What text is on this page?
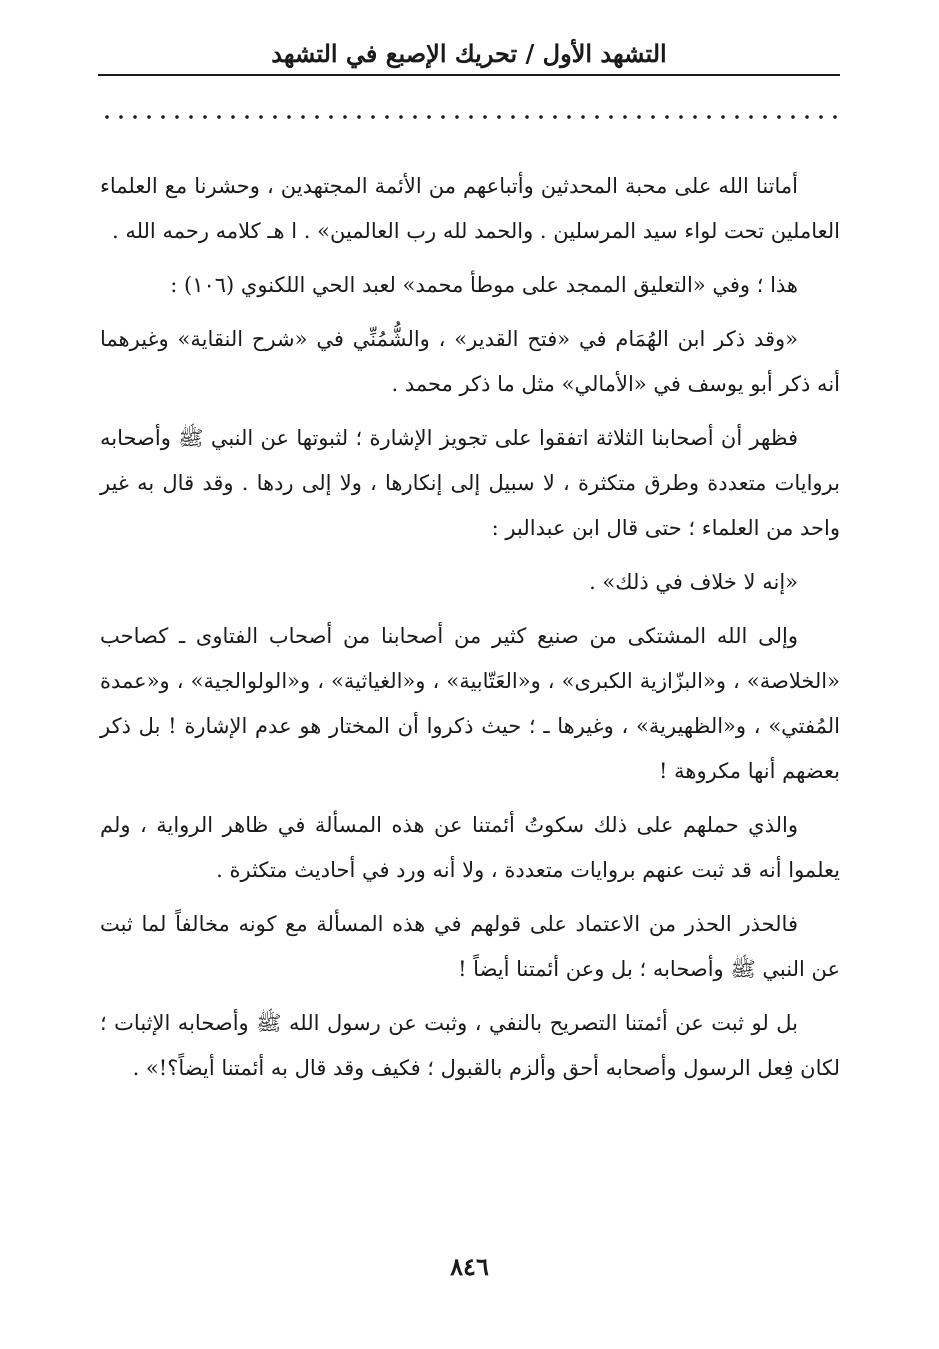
التشهد الأول / تحريك الإصبع في التشهد

أماتنا الله على محبة المحدثين وأتباعهم من الأئمة المجتهدين ، وحشرنا مع العلماء العاملين تحت لواء سيد المرسلين . والحمد لله رب العالمين» . ا هـ كلامه رحمه الله .

هذا ؛ وفي «التعليق الممجد على موطأ محمد» لعبد الحي اللكنوي (١٠٦) :

«وقد ذكر ابن الهُمَام في «فتح القدير» ، والشُّمُنِّي في «شرح النقاية» وغيرهما أنه ذكر أبو يوسف في «الأمالي» مثل ما ذكر محمد .

فظهر أن أصحابنا الثلاثة اتفقوا على تجويز الإشارة ؛ لثبوتها عن النبي ﷺ وأصحابه بروايات متعددة وطرق متكثرة ، لا سبيل إلى إنكارها ، ولا إلى ردها . وقد قال به غير واحد من العلماء ؛ حتى قال ابن عبدالبر :

«إنه لا خلاف في ذلك» .

وإلى الله المشتكى من صنيع كثير من أصحابنا من أصحاب الفتاوى ـ كصاحب «الخلاصة» ، و«البزّازية الكبرى» ، و«العَتّابية» ، و«الغياثية» ، و«الولوالجية» ، و«عمدة المُفتي» ، و«الظهيرية» ، وغيرها ـ ؛ حيث ذكروا أن المختار هو عدم الإشارة ! بل ذكر بعضهم أنها مكروهة !

والذي حملهم على ذلك سكوتُ أئمتنا عن هذه المسألة في ظاهر الرواية ، ولم يعلموا أنه قد ثبت عنهم بروايات متعددة ، ولا أنه ورد في أحاديث متكثرة .

فالحذر الحذر من الاعتماد على قولهم في هذه المسألة مع كونه مخالفاً لما ثبت عن النبي ﷺ وأصحابه ؛ بل وعن أئمتنا أيضاً !

بل لو ثبت عن أئمتنا التصريح بالنفي ، وثبت عن رسول الله ﷺ وأصحابه الإثبات ؛ لكان فِعل الرسول وأصحابه أحق وألزم بالقبول ؛ فكيف وقد قال به أئمتنا أيضاً؟!» .

٨٤٦
